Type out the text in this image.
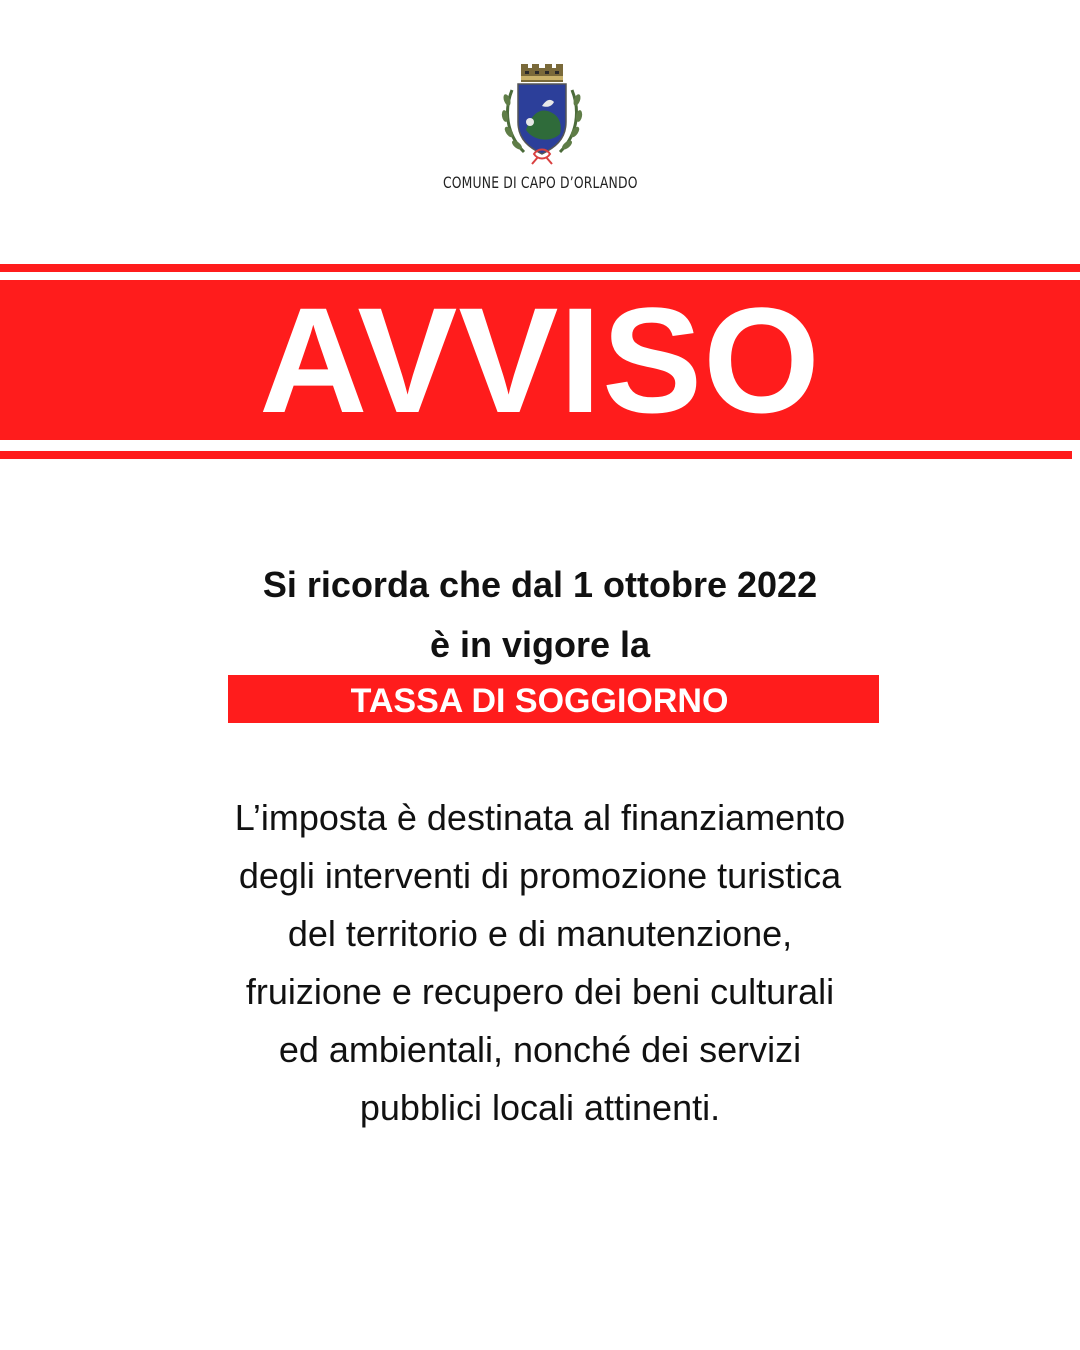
COMUNE DI CAPO D’ORLANDO
AVVISO
Si ricorda che dal 1 ottobre 2022
è in vigore la
TASSA DI SOGGIORNO
L’imposta è destinata al finanziamento
degli interventi di promozione turistica
del territorio e di manutenzione,
fruizione e recupero dei beni culturali
ed ambientali, nonché dei servizi
pubblici locali attinenti.
